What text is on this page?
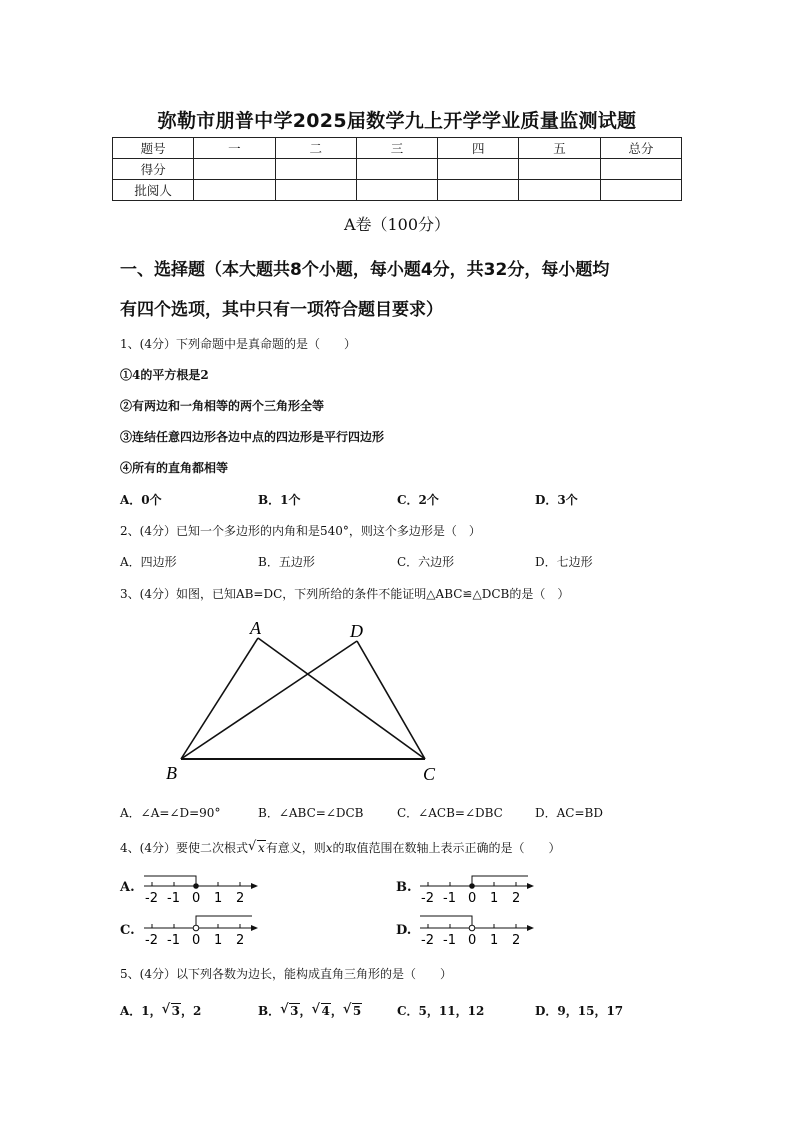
弥勒市朋普中学2025届数学九上开学学业质量监测试题
题号	一	二	三	四	五	总分
得分						
批阅人						
A卷（100分）
一、选择题（本大题共8个小题，每小题4分，共32分，每小题均
有四个选项，其中只有一项符合题目要求）
1、(4分）下列命题中是真命题的是（　　）
①4的平方根是2
②有两边和一角相等的两个三角形全等
③连结任意四边形各边中点的四边形是平行四边形
④所有的直角都相等
A．0个	B．1个	C．2个	D．3个
2、(4分）已知一个多边形的内角和是540°，则这个多边形是（　）
A．四边形	B．五边形	C．六边形	D．七边形
3、(4分）如图，已知AB=DC，下列所给的条件不能证明△ABC≌△DCB的是（　）
A	D
B	C
A．∠A=∠D=90°	B．∠ABC=∠DCB	C．∠ACB=∠DBC	D．AC=BD
4、(4分）要使二次根式 √ x有意义，则x的取值范围在数轴上表示正确的是（　　）
A.
-2 -1 0 1 2
B.
-2 -1 0 1 2
C.
-2 -1 0 1 2
D.
-2 -1 0 1 2
5、(4分）以下列各数为边长，能构成直角三角形的是（　　）
A．1， √ 3，2	B． √ 3， √ 4， √ 5	C．5，11，12	D．9，15，17
